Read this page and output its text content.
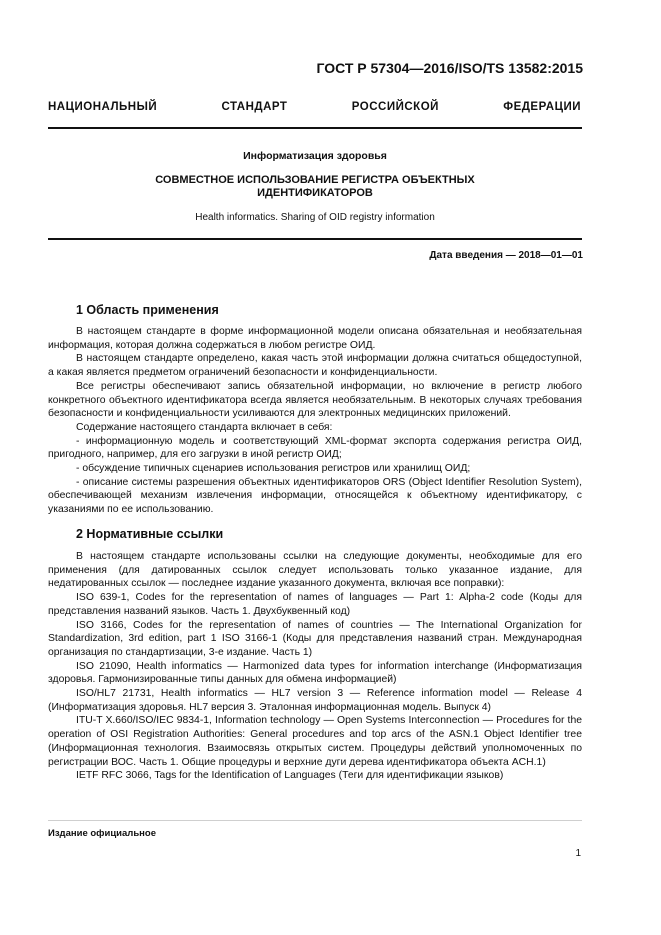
ГОСТ Р 57304—2016/ISO/TS 13582:2015
НАЦИОНАЛЬНЫЙ СТАНДАРТ РОССИЙСКОЙ ФЕДЕРАЦИИ
Информатизация здоровья
СОВМЕСТНОЕ ИСПОЛЬЗОВАНИЕ РЕГИСТРА ОБЪЕКТНЫХ
ИДЕНТИФИКАТОРОВ
Health informatics. Sharing of OID registry information
Дата введения — 2018—01—01
1 Область применения

В настоящем стандарте в форме информационной модели описана обязательная и необязательная информация, которая должна содержаться в любом регистре ОИД.

В настоящем стандарте определено, какая часть этой информации должна считаться общедоступной, а какая является предметом ограничений безопасности и конфиденциальности.

Все регистры обеспечивают запись обязательной информации, но включение в регистр любого конкретного объектного идентификатора всегда является необязательным. В некоторых случаях требования безопасности и конфиденциальности усиливаются для электронных медицинских приложений.

Содержание настоящего стандарта включает в себя:

- информационную модель и соответствующий XML-формат экспорта содержания регистра ОИД, пригодного, например, для его загрузки в иной регистр ОИД;

- обсуждение типичных сценариев использования регистров или хранилищ ОИД;

- описание системы разрешения объектных идентификаторов ORS (Object Identifier Resolution System), обеспечивающей механизм извлечения информации, относящейся к объектному идентификатору, с указаниями по ее использованию.

2 Нормативные ссылки

В настоящем стандарте использованы ссылки на следующие документы, необходимые для его применения (для датированных ссылок следует использовать только указанное издание, для недатированных ссылок — последнее издание указанного документа, включая все поправки):

ISO 639-1, Codes for the representation of names of languages — Part 1: Alpha-2 code (Коды для представления названий языков. Часть 1. Двухбуквенный код)

ISO 3166, Codes for the representation of names of countries — The International Organization for Standardization, 3rd edition, part 1 ISO 3166-1 (Коды для представления названий стран. Международная организация по стандартизации, 3-е издание. Часть 1)

ISO 21090, Health informatics — Harmonized data types for information interchange (Информатизация здоровья. Гармонизированные типы данных для обмена информацией)

ISO/HL7 21731, Health informatics — HL7 version 3 — Reference information model — Release 4 (Информатизация здоровья. HL7 версия 3. Эталонная информационная модель. Выпуск 4)

ITU-T X.660/ISO/IEC 9834-1, Information technology — Open Systems Interconnection — Procedures for the operation of OSI Registration Authorities: General procedures and top arcs of the ASN.1 Object Identifier tree (Информационная технология. Взаимосвязь открытых систем. Процедуры действий уполномоченных по регистрации ВОС. Часть 1. Общие процедуры и верхние дуги дерева идентификатора объекта ACH.1)

IETF RFC 3066, Tags for the Identification of Languages (Теги для идентификации языков)

Издание официальное
1
